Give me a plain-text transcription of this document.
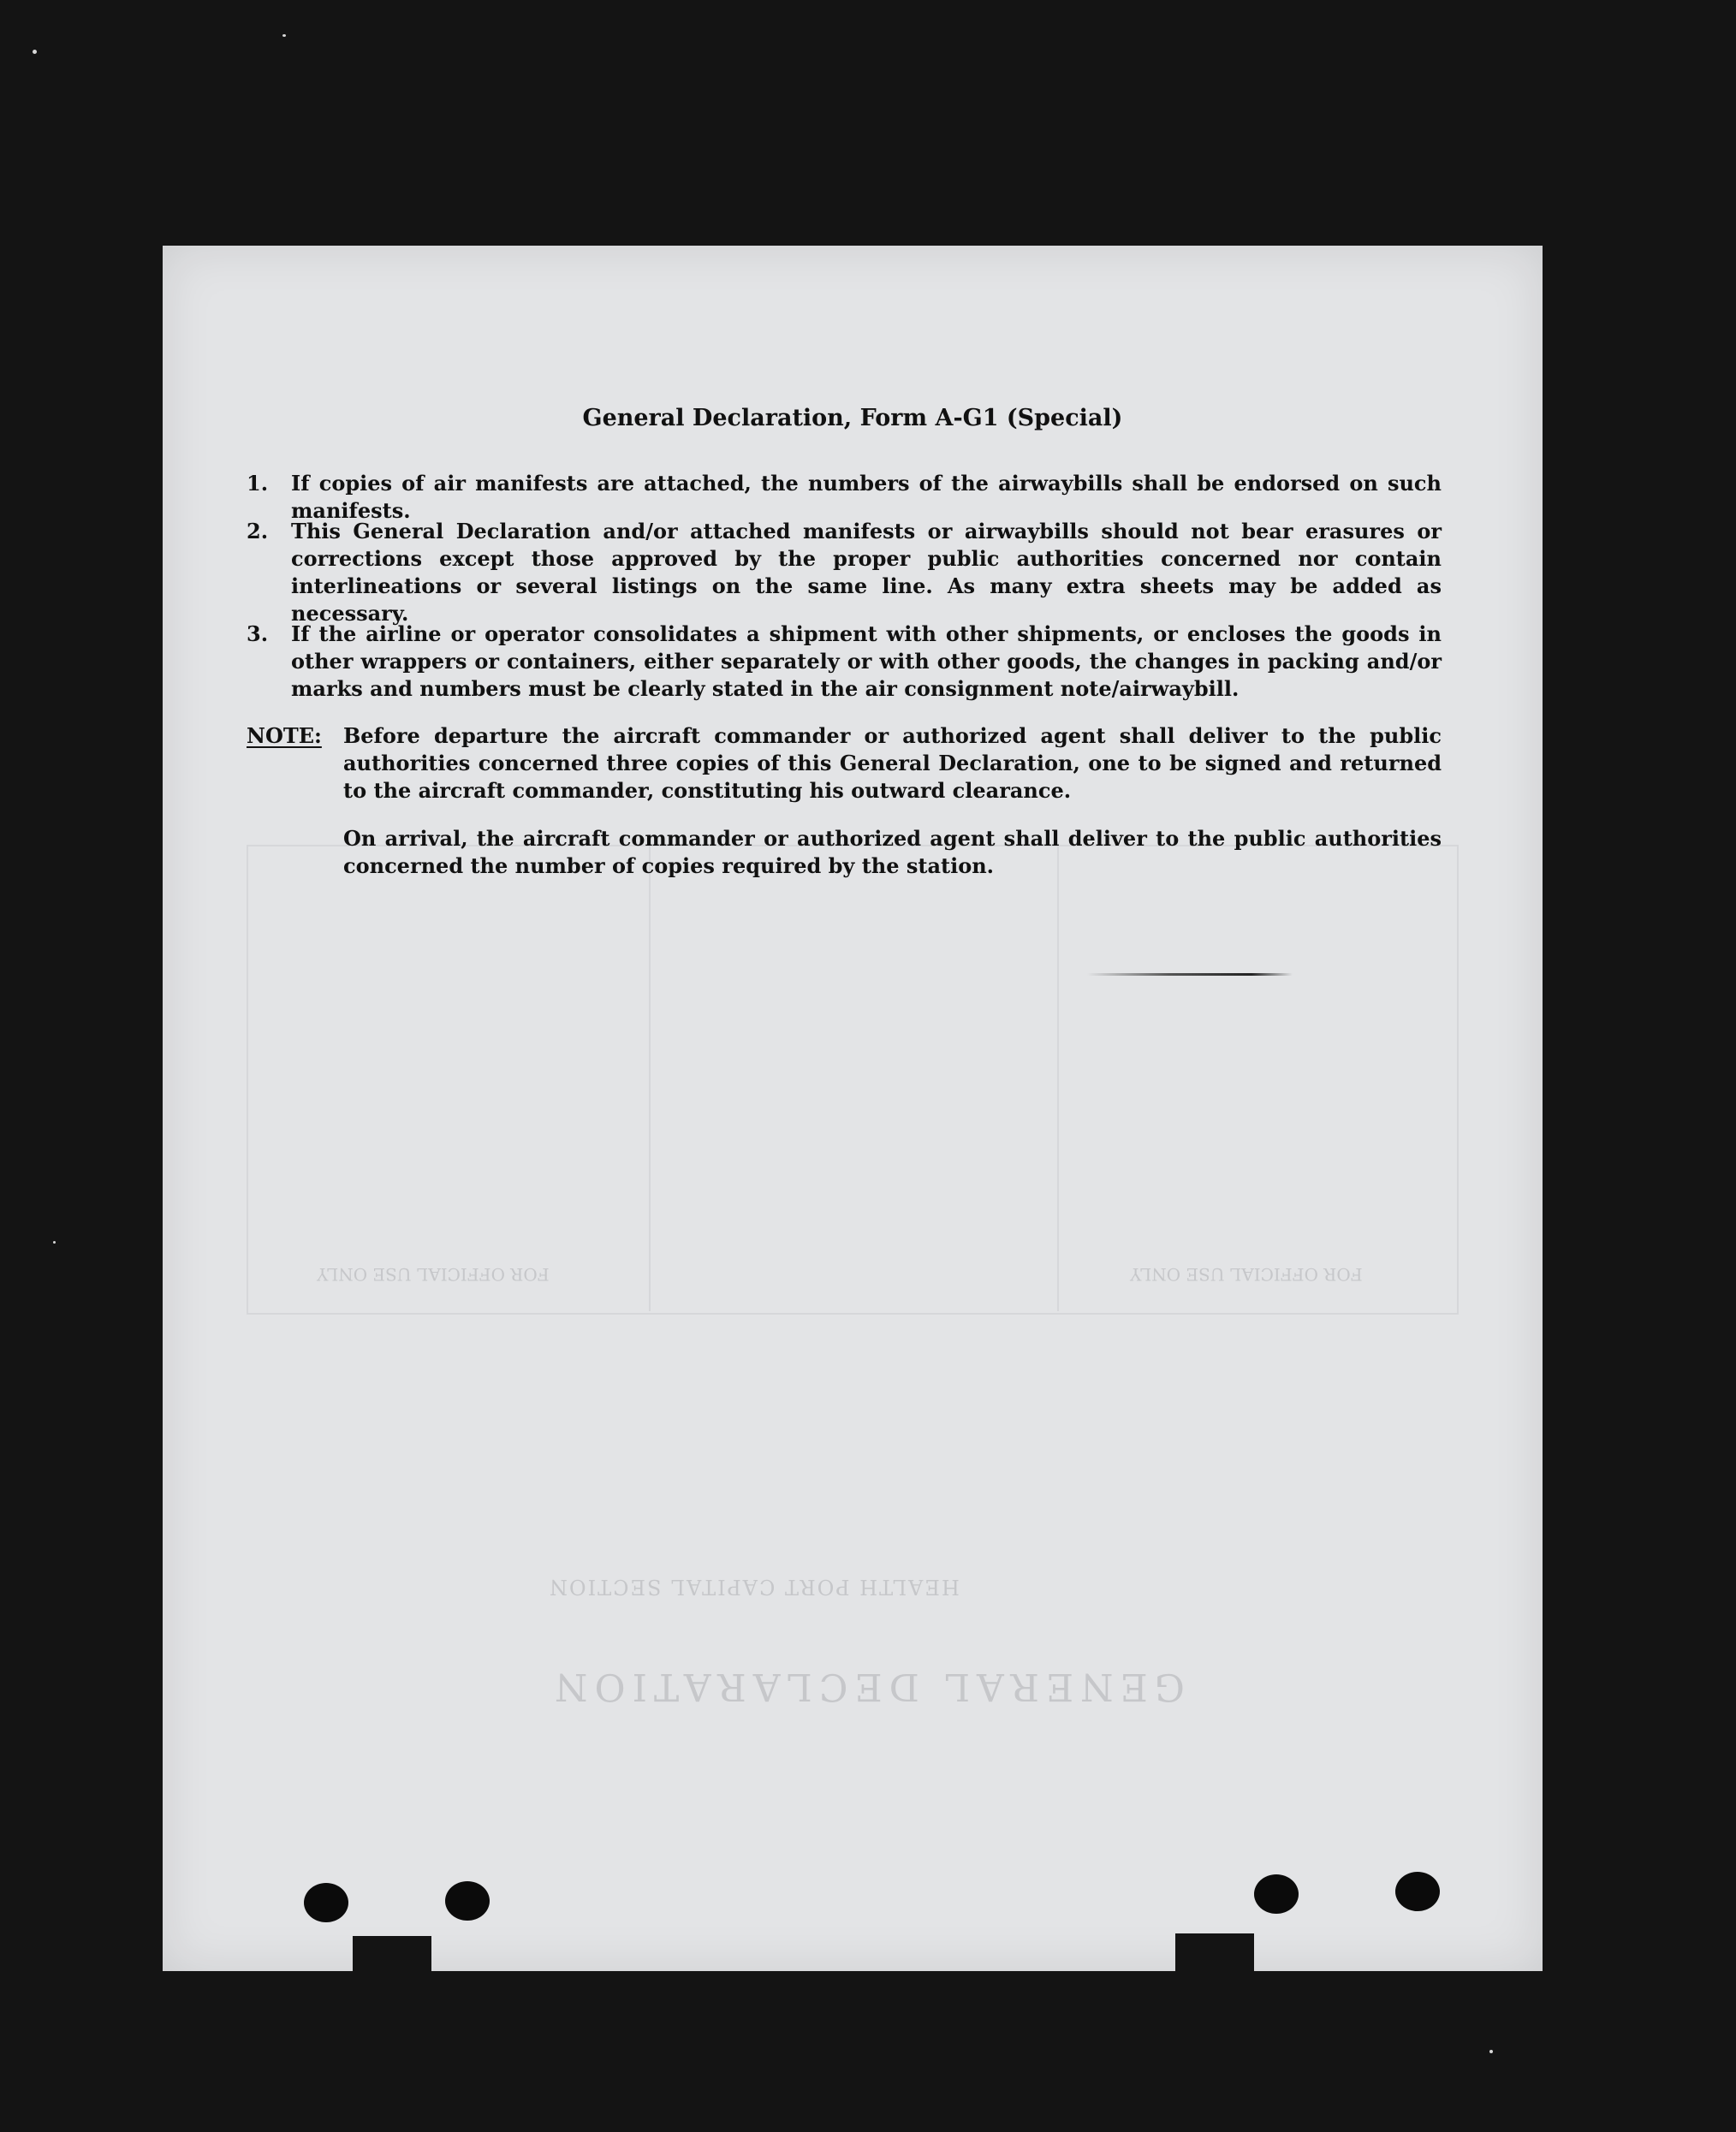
GENERAL DECLARATION
HEALTH PORT CAPITAL SECTION
FOR OFFICIAL USE ONLY	FOR OFFICIAL USE ONLY
General Declaration, Form A-G1 (Special)
1.	If copies of air manifests are attached, the numbers of the airwaybills shall be endorsed on such manifests.
2.	This General Declaration and/or attached manifests or airwaybills should not bear erasures or corrections except those approved by the proper public authorities concerned nor contain interlineations or several listings on the same line. As many extra sheets may be added as necessary.
3.	If the airline or operator consolidates a shipment with other shipments, or encloses the goods in other wrappers or containers, either separately or with other goods, the changes in packing and/or marks and numbers must be clearly stated in the air consignment note/airwaybill.
NOTE: Before departure the aircraft commander or authorized agent shall deliver to the public authorities concerned three copies of this General Declaration, one to be signed and returned to the aircraft commander, constituting his outward clearance.
On arrival, the aircraft commander or authorized agent shall deliver to the public authorities concerned the number of copies required by the station.
